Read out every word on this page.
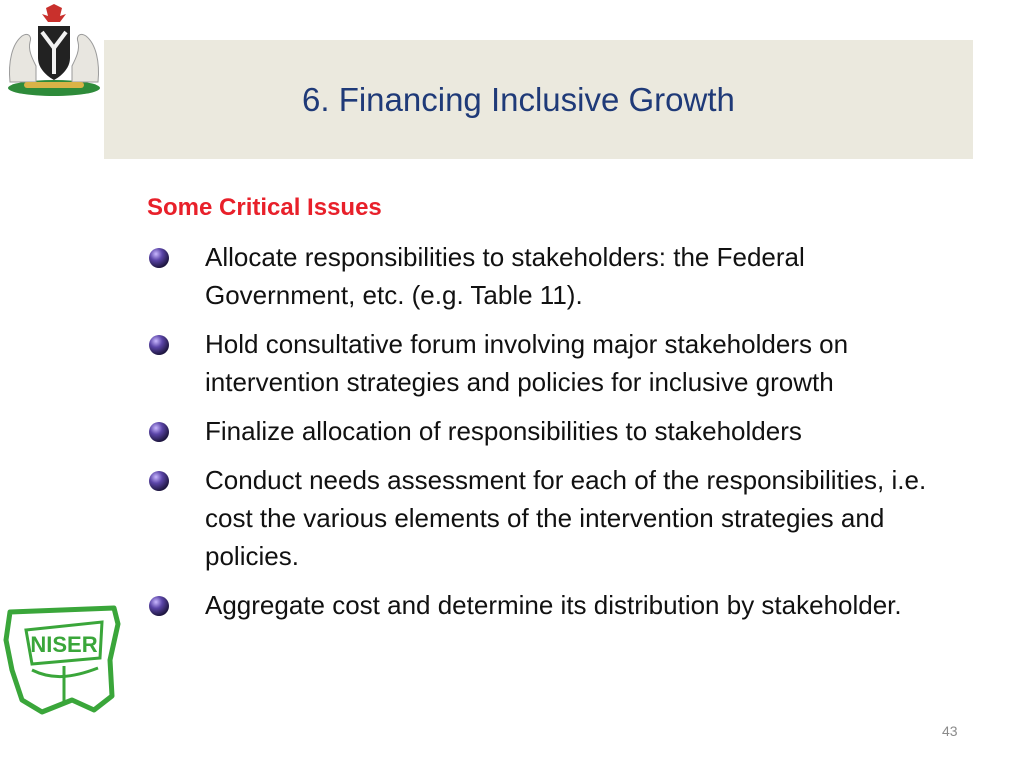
6. Financing Inclusive Growth
Some Critical Issues
Allocate responsibilities to stakeholders: the Federal Government, etc. (e.g. Table 11).
Hold consultative forum involving major stakeholders on intervention strategies and policies for inclusive growth
Finalize allocation of responsibilities to stakeholders
Conduct needs assessment for each of the responsibilities, i.e. cost the various elements of the intervention strategies and policies.
Aggregate cost and determine its distribution by stakeholder.
NISER
43
